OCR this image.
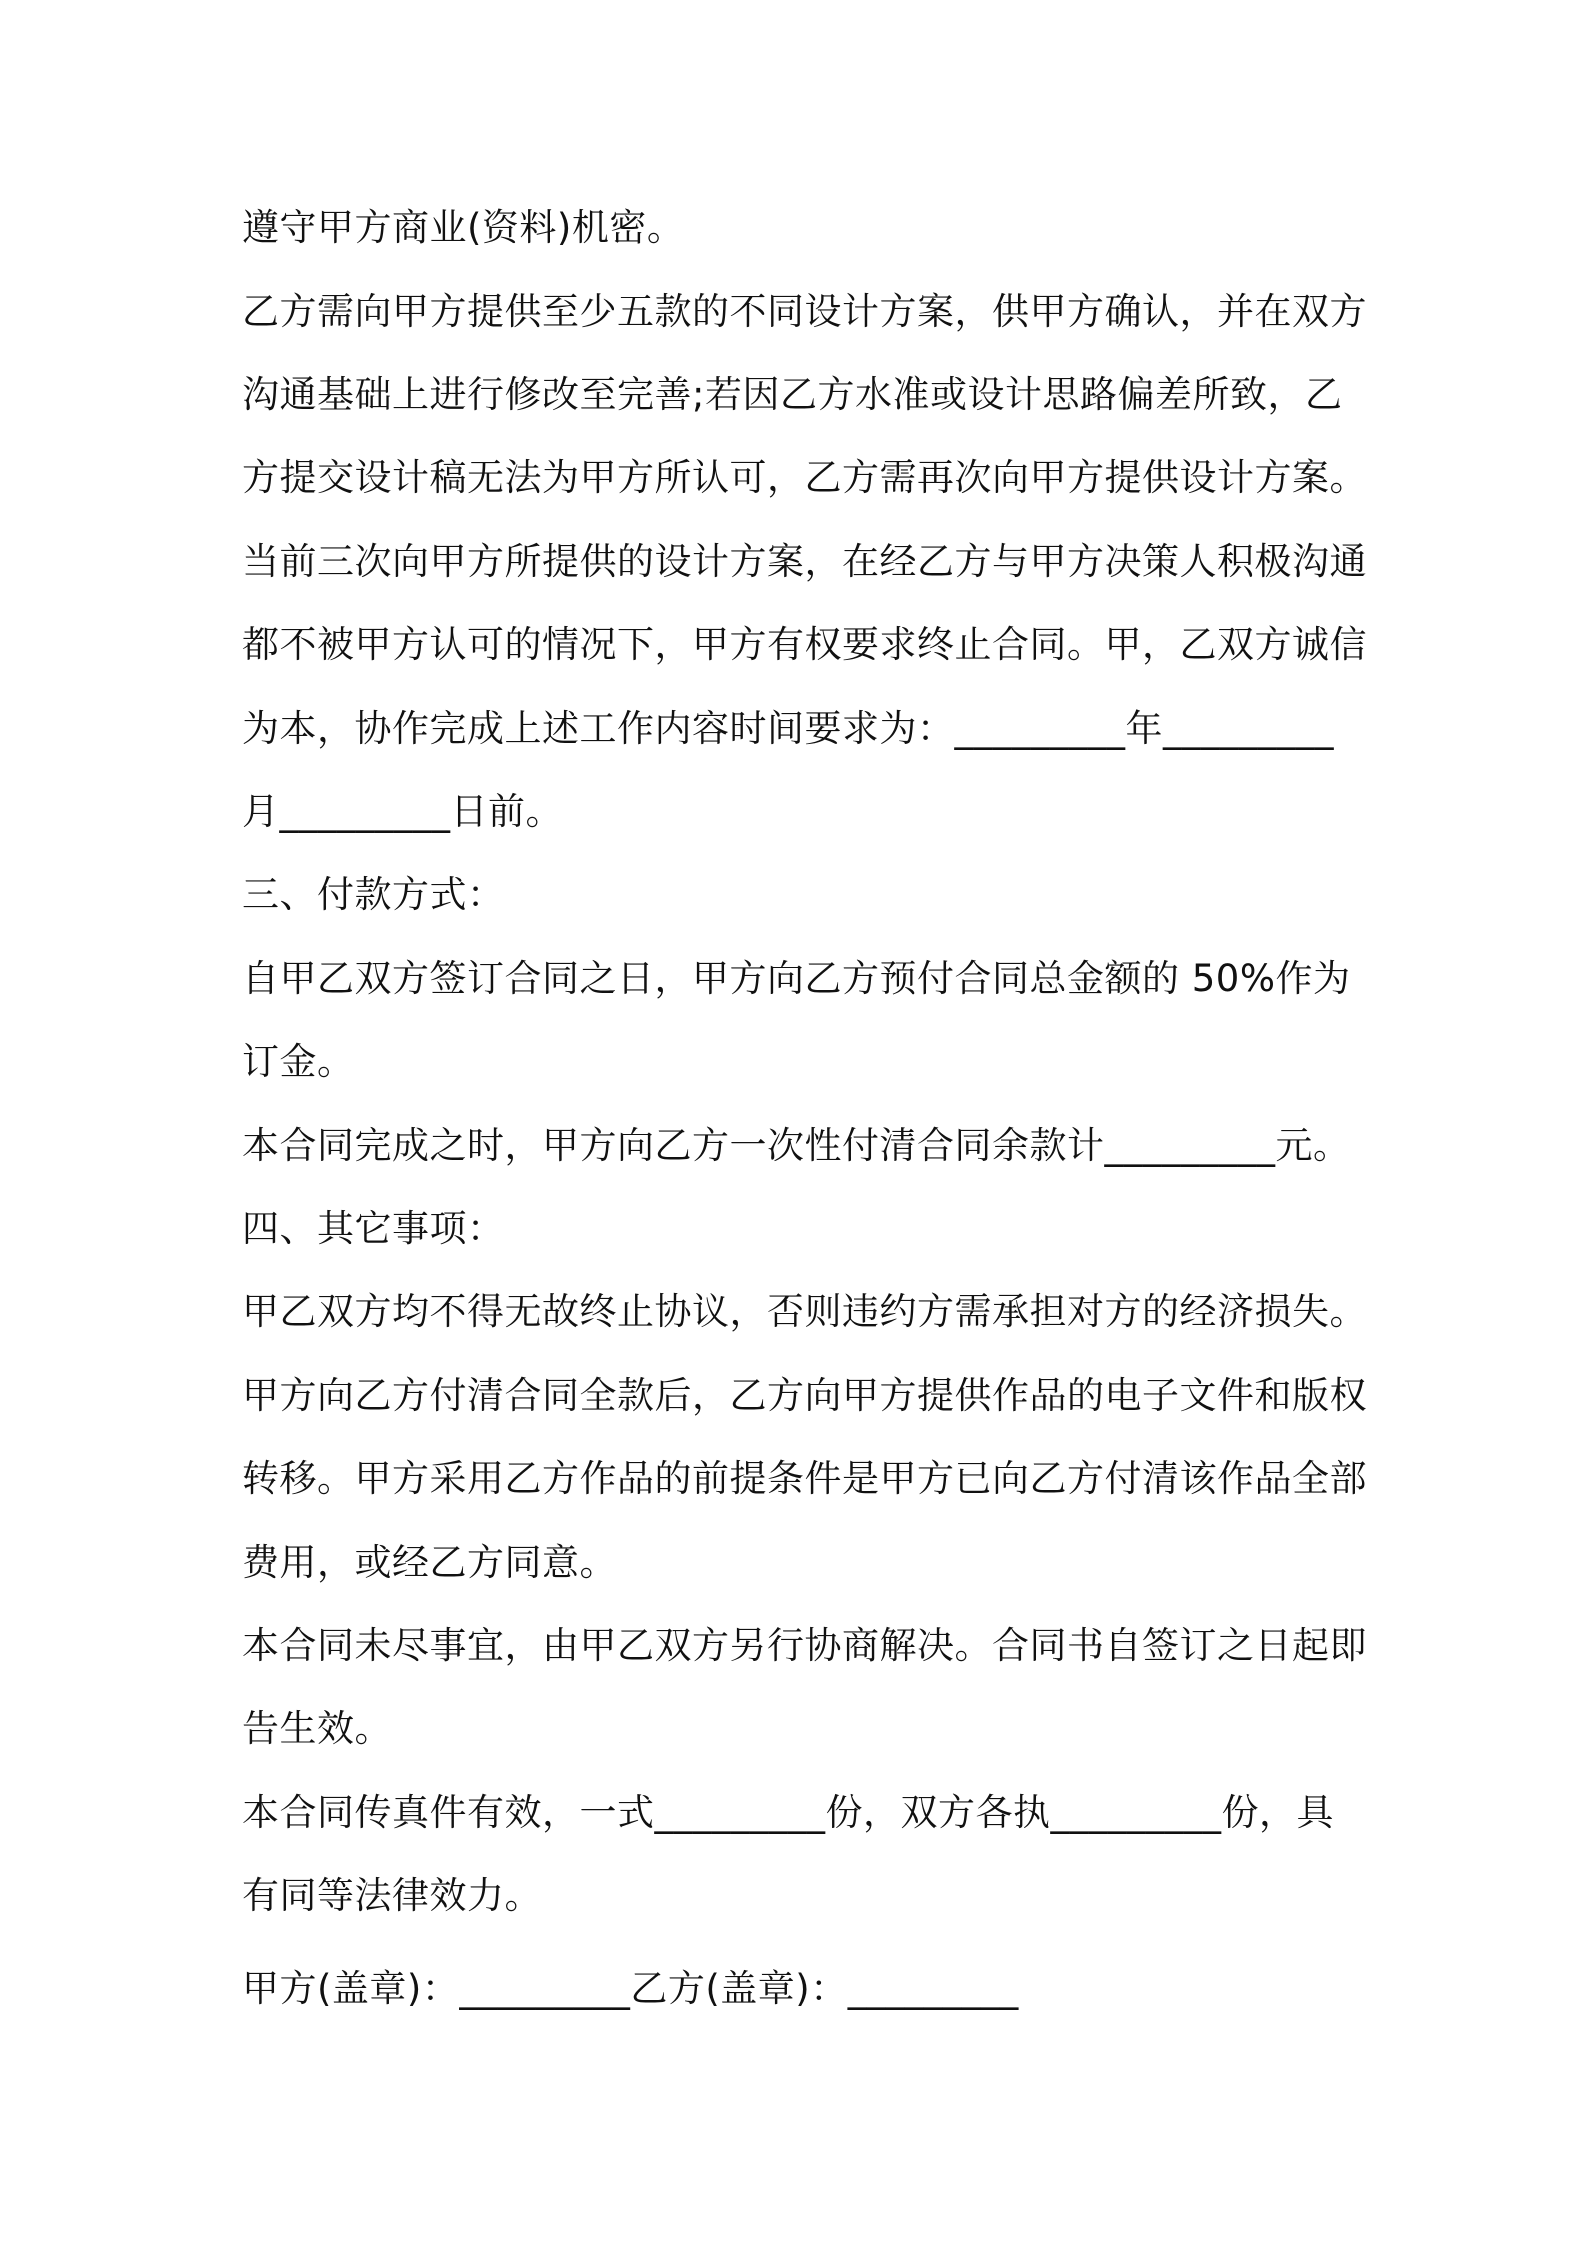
遵守甲方商业(资料)机密。
乙方需向甲方提供至少五款的不同设计方案，供甲方确认，并在双方
沟通基础上进行修改至完善;若因乙方水准或设计思路偏差所致，乙
方提交设计稿无法为甲方所认可，乙方需再次向甲方提供设计方案。
当前三次向甲方所提供的设计方案，在经乙方与甲方决策人积极沟通
都不被甲方认可的情况下，甲方有权要求终止合同。甲，乙双方诚信
为本，协作完成上述工作内容时间要求为：_________年_________
月_________日前。
三、付款方式：
自甲乙双方签订合同之日，甲方向乙方预付合同总金额的 50%作为
订金。
本合同完成之时，甲方向乙方一次性付清合同余款计_________元。
四、其它事项：
甲乙双方均不得无故终止协议，否则违约方需承担对方的经济损失。
甲方向乙方付清合同全款后，乙方向甲方提供作品的电子文件和版权
转移。甲方采用乙方作品的前提条件是甲方已向乙方付清该作品全部
费用，或经乙方同意。
本合同未尽事宜，由甲乙双方另行协商解决。合同书自签订之日起即
告生效。
本合同传真件有效，一式_________份，双方各执_________份，具
有同等法律效力。
甲方(盖章)：_________乙方(盖章)：_________
